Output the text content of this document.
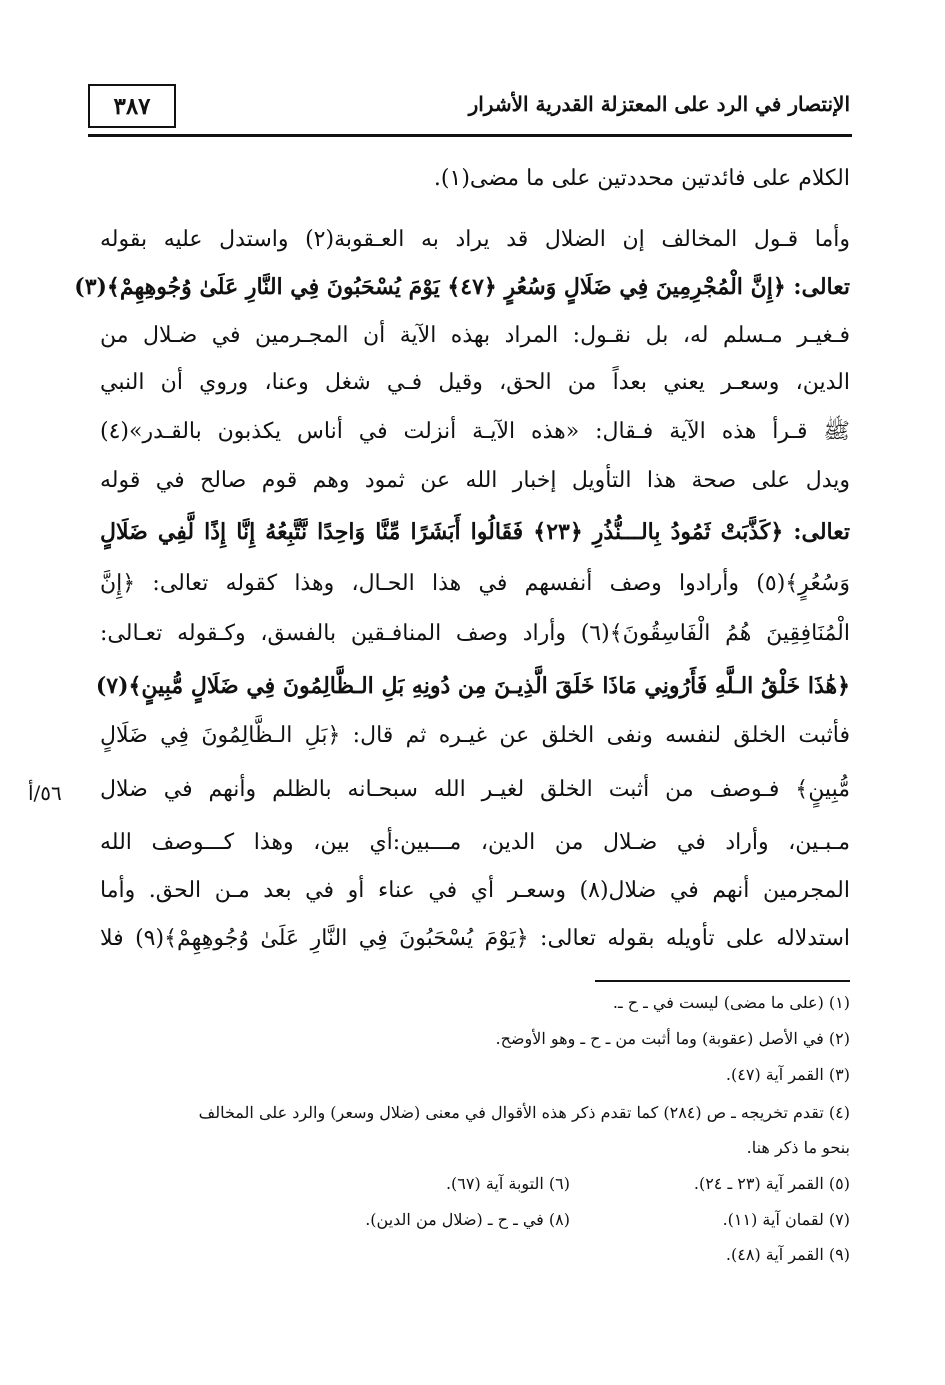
الإنتصار في الرد على المعتزلة القدرية الأشرار
٣٨٧
الكلام على فائدتين محددتين على ما مضى(١).
وأما قـول المخالف إن الضلال قد يراد به العـقوبة(٢) واستدل عليه بقوله
تعالى: ﴿إِنَّ الْمُجْرِمِينَ فِي ضَلَالٍ وَسُعُرٍ ﴿٤٧﴾ يَوْمَ يُسْحَبُونَ فِي النَّارِ عَلَىٰ وُجُوهِهِمْ﴾(٣)
فـغيـر مـسلم له، بل نقـول: المراد بهذه الآية أن المجـرمين في ضـلال من
الدين، وسعـر يعني بعداً من الحق، وقيل فـي شغل وعنا، وروي أن النبي
ﷺ قـرأ هذه الآية فـقال: «هذه الآيـة أنزلت في أناس يكذبون بالقـدر»(٤)
ويدل على صحة هذا التأويل إخبار الله عن ثمود وهم قوم صالح في قوله
تعالى: ﴿كَذَّبَتْ ثَمُودُ بِالـــنُّذُرِ ﴿٢٣﴾ فَقَالُوا أَبَشَرًا مِّنَّا وَاحِدًا نَّتَّبِعُهُ إِنَّا إِذًا لَّفِي ضَلَالٍ
وَسُعُرٍ﴾(٥) وأرادوا وصف أنفسهم في هذا الحـال، وهذا كقوله تعالى: ﴿إِنَّ
الْمُنَافِقِينَ هُمُ الْفَاسِقُونَ﴾(٦) وأراد وصف المنافـقين بالفسق، وكـقوله تعـالى:
﴿هَٰذَا خَلْقُ الـلَّهِ فَأَرُونِي مَاذَا خَلَقَ الَّذِيـنَ مِن دُونِهِ بَلِ الـظَّالِمُونَ فِي ضَلَالٍ مُّبِينٍ﴾(٧)
فأثبت الخلق لنفسه ونفى الخلق عن غيـره ثم قال: ﴿بَلِ الـظَّالِمُونَ فِي ضَلَالٍ
مُّبِينٍ﴾ فـوصف من أثبت الخلق لغيـر الله سبحـانه بالظلم وأنهم في ضلال
مـبـين، وأراد في ضـلال من الدين، مـــبين:أي بين، وهذا كـــوصف الله
المجرمين أنهم في ضلال(٨) وسعـر أي في عناء أو في بعد مـن الحق. وأما
استدلاله على تأويله بقوله تعالى: ﴿يَوْمَ يُسْحَبُونَ فِي النَّارِ عَلَىٰ وُجُوهِهِمْ﴾(٩) فلا
٥٦/أ
(١) (على ما مضى) ليست في ـ ح ـ.
(٢) في الأصل (عقوبة) وما أثبت من ـ ح ـ وهو الأوضح.
(٣) القمر آية (٤٧).
(٤) تقدم تخريجه ـ ص (٢٨٤) كما تقدم ذكر هذه الأقوال في معنى (ضلال وسعر) والرد على المخالف
بنحو ما ذكر هنا.
(٥) القمر آية (٢٣ ـ ٢٤).
(٦) التوبة آية (٦٧).
(٧) لقمان آية (١١).
(٨) في ـ ح ـ (ضلال من الدين).
(٩) القمر آية (٤٨).
